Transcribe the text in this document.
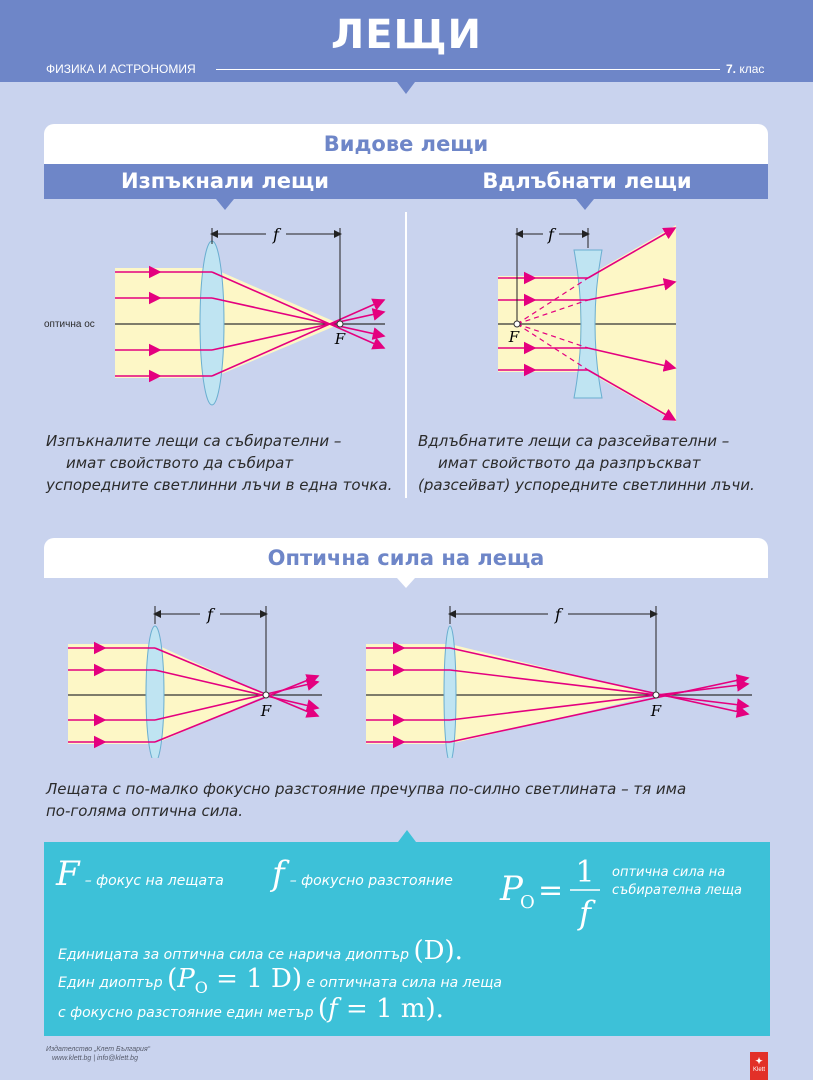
ЛЕЩИ
ФИЗИКА И АСТРОНОМИЯ	7. клас
Видове лещи
Изпъкнали лещи	Вдлъбнати лещи
оптична ос
f
F
f
F
Изпъкналите лещи са събирателни –
имат свойството да събират
успоредните светлинни лъчи в една точка.
Вдлъбнатите лещи са разсейвателни –
имат свойството да разпръскват
(разсейват) успоредните светлинни лъчи.
Оптична сила на леща
f
F
f
F
Лещата с по-малко фокусно разстояние пречупва по-силно светлината – тя има
по-голяма оптична сила.
F – фокус на лещата f – фокусно разстояние P
O =
1
f
оптична сила на
събирателна леща
Единицата за оптична сила се нарича диоптър (D).
Един диоптър ($P_O = 1$ D) е оптичната сила на леща
с фокусно разстояние един метър (f = 1 m).
Издателство „Клет България“
www.klett.bg | info@klett.bg	✦
Klett
